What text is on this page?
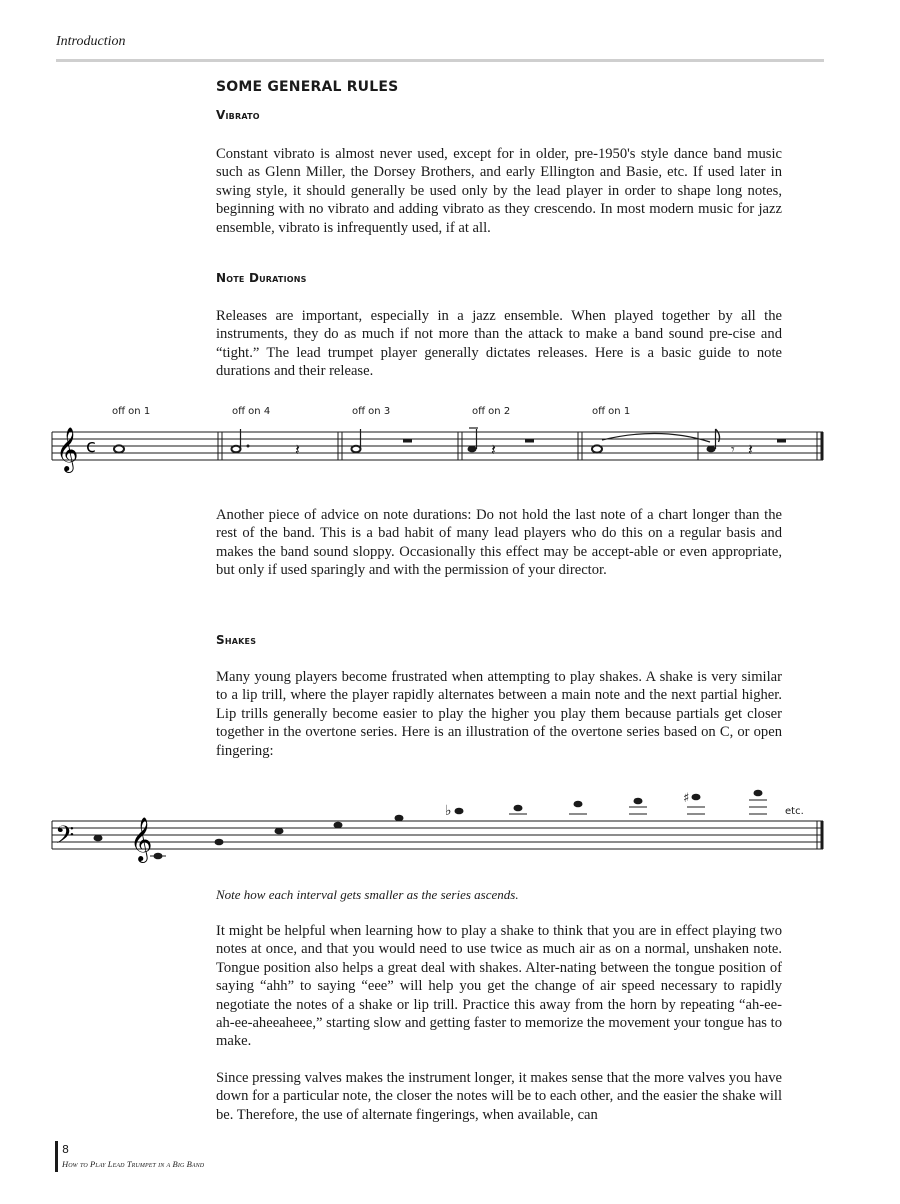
Introduction
SOME GENERAL RULES
Vibrato

Constant vibrato is almost never used, except for in older, pre-1950's style dance band music such as Glenn Miller, the Dorsey Brothers, and early Ellington and Basie, etc. If used later in swing style, it should generally be used only by the lead player in order to shape long notes, beginning with no vibrato and adding vibrato as they crescendo. In most modern music for jazz ensemble, vibrato is infrequently used, if at all.

Note Durations

Releases are important, especially in a jazz ensemble. When played together by all the instruments, they do as much if not more than the attack to make a band sound pre-cise and “tight.” The lead trumpet player generally dictates releases. Here is a basic guide to note durations and their release.

𝄞 c	𝄽	𝄽	𝄾 𝄽
off on 1	off on 4	off on 3	off on 2	off on 1

Another piece of advice on note durations: Do not hold the last note of a chart longer than the rest of the band. This is a bad habit of many lead players who do this on a regular basis and makes the band sound sloppy. Occasionally this effect may be accept-able or even appropriate, but only if used sparingly and with the permission of your director.

Shakes

Many young players become frustrated when attempting to play shakes. A shake is very similar to a lip trill, where the player rapidly alternates between a main note and the next partial higher. Lip trills generally become easier to play the higher you play them because partials get closer together in the overtone series. Here is an illustration of the overtone series based on C, or open fingering:

𝄢 𝄞
♭
♯
etc.
Note how each interval gets smaller as the series ascends.

It might be helpful when learning how to play a shake to think that you are in effect playing two notes at once, and that you would need to use twice as much air as on a normal, unshaken note. Tongue position also helps a great deal with shakes. Alter-nating between the tongue position of saying “ahh” to saying “eee” will help you get the change of air speed necessary to rapidly negotiate the notes of a shake or lip trill. Practice this away from the horn by repeating “ah-ee-ah-ee-aheeaheee,” starting slow and getting faster to memorize the movement your tongue has to make.

Since pressing valves makes the instrument longer, it makes sense that the more valves you have down for a particular note, the closer the notes will be to each other, and the easier the shake will be. Therefore, the use of alternate fingerings, when available, can

8
How to Play Lead Trumpet in a Big Band
